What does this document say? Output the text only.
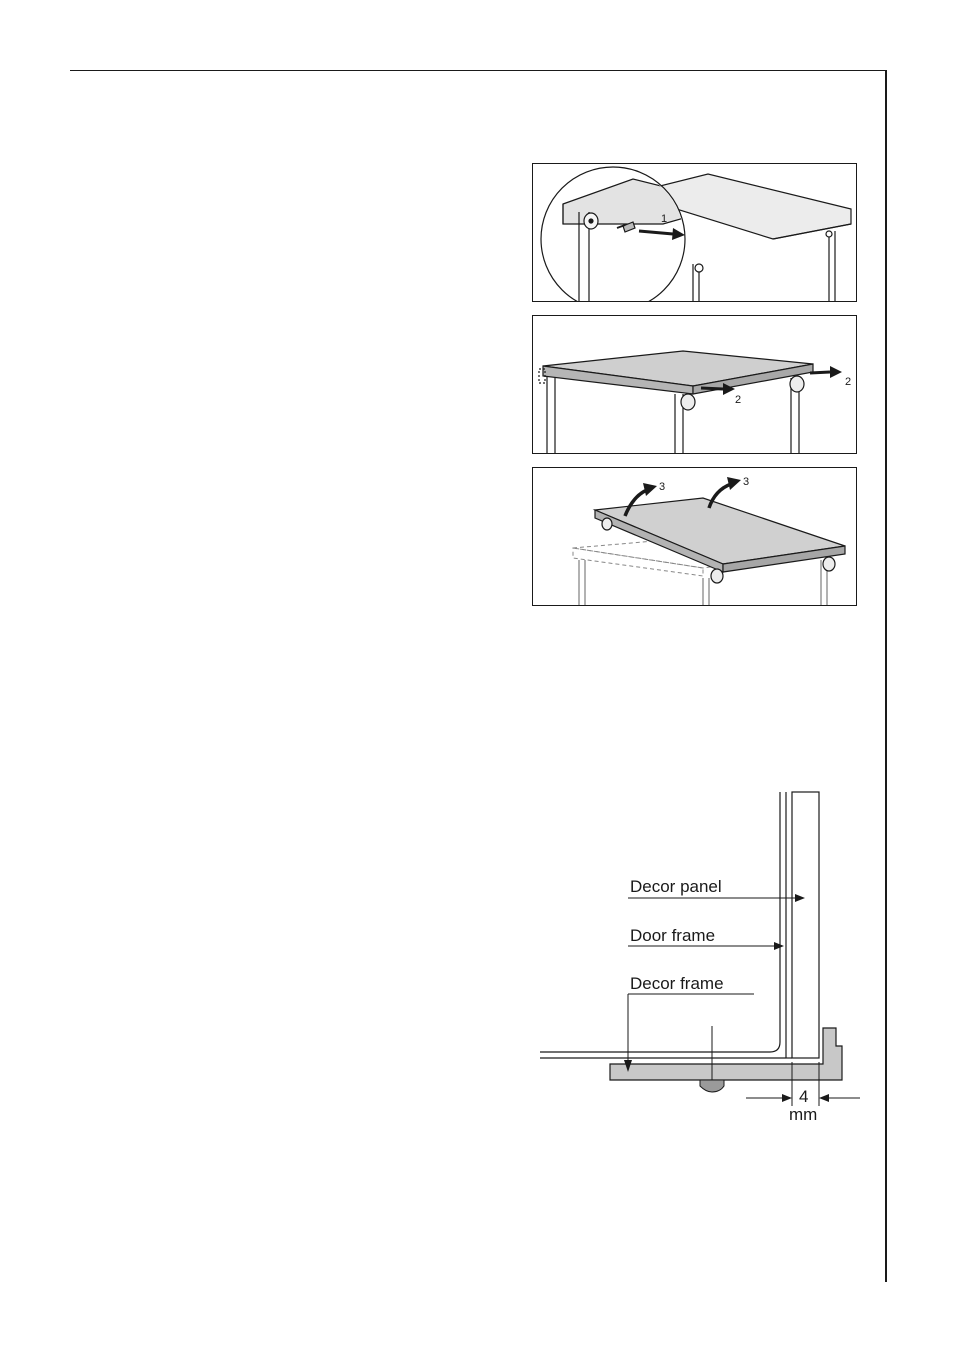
1
2
2
3	3
Decor panel
Door frame
Decor frame
4
mm
